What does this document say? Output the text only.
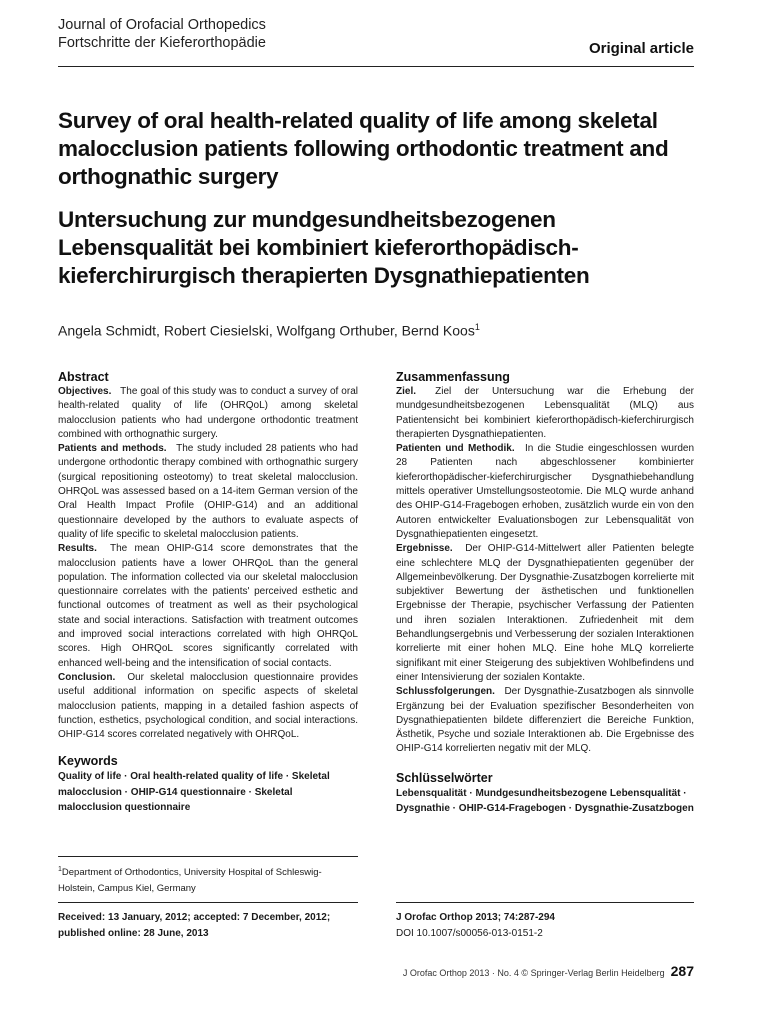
Journal of Orofacial Orthopedics
Fortschritte der Kieferorthopädie	Original article
Survey of oral health-related quality of life among skeletal malocclusion patients following orthodontic treatment and orthognathic surgery
Untersuchung zur mundgesundheitsbezogenen Lebensqualität bei kombiniert kieferorthopädisch-kieferchirurgisch therapierten Dysgnathiepatienten
Angela Schmidt, Robert Ciesielski, Wolfgang Orthuber, Bernd Koos$^1$
Abstract

Objectives. The goal of this study was to conduct a survey of oral health-related quality of life (OHRQoL) among skeletal malocclusion patients who had undergone orthodontic treatment combined with orthognathic surgery.

Patients and methods. The study included 28 patients who had undergone orthodontic therapy combined with orthognathic surgery (surgical repositioning osteotomy) to treat skeletal malocclusion. OHRQoL was assessed based on a 14-item German version of the Oral Health Impact Profile (OHIP-G14) and an additional questionnaire developed by the authors to evaluate aspects of quality of life specific to skeletal malocclusion patients.

Results. The mean OHIP-G14 score demonstrates that the malocclusion patients have a lower OHRQoL than the general population. The information collected via our skeletal malocclusion questionnaire correlates with the patients' perceived esthetic and functional outcomes of treatment as well as their psychological state and social interactions. Satisfaction with treatment outcomes and improved social interactions correlated with high OHRQoL scores. High OHRQoL scores significantly correlated with enhanced well-being and the intensification of social contacts.

Conclusion. Our skeletal malocclusion questionnaire provides useful additional information on specific aspects of skeletal malocclusion patients, mapping in a detailed fashion aspects of function, esthetics, psychological condition, and social interactions. OHIP-G14 scores correlated negatively with OHRQoL.

Keywords
Quality of life · Oral health-related quality of life · Skeletal malocclusion · OHIP-G14 questionnaire · Skeletal malocclusion questionnaire
Zusammenfassung

Ziel. Ziel der Untersuchung war die Erhebung der mundgesundheitsbezogenen Lebensqualität (MLQ) aus Patientensicht bei kombiniert kieferorthopädisch-kieferchirurgisch therapierten Dysgnathiepatienten.

Patienten und Methodik. In die Studie eingeschlossen wurden 28 Patienten nach abgeschlossener kombinierter kieferorthopädischer-kieferchirurgischer Dysgnathiebehandlung mittels operativer Umstellungsosteotomie. Die MLQ wurde anhand des OHIP-G14-Fragebogen erhoben, zusätzlich wurde ein von den Autoren entwickelter Evaluationsbogen zur Lebensqualität von Dysgnathiepatienten eingesetzt.

Ergebnisse. Der OHIP-G14-Mittelwert aller Patienten belegte eine schlechtere MLQ der Dysgnathiepatienten gegenüber der Allgemeinbevölkerung. Der Dysgnathie-Zusatzbogen korrelierte mit subjektiver Bewertung der ästhetischen und funktionellen Ergebnisse der Therapie, psychischer Verfassung der Patienten und ihren sozialen Interaktionen. Zufriedenheit mit dem Behandlungsergebnis und Verbesserung der sozialen Interaktionen korrelierte mit einer hohen MLQ. Eine hohe MLQ korrelierte signifikant mit einer Steigerung des subjektiven Wohlbefindens und einer Intensivierung der sozialen Kontakte.

Schlussfolgerungen. Der Dysgnathie-Zusatzbogen als sinnvolle Ergänzung bei der Evaluation spezifischer Besonderheiten von Dysgnathiepatienten bildete differenziert die Bereiche Funktion, Ästhetik, Psyche und soziale Interaktionen ab. Die Ergebnisse des OHIP-G14 korrelierten negativ mit der MLQ.

Schlüsselwörter
Lebensqualität · Mundgesundheitsbezogene Lebensqualität · Dysgnathie · OHIP-G14-Fragebogen · Dysgnathie-Zusatzbogen
$^1$Department of Orthodontics, University Hospital of Schleswig-Holstein, Campus Kiel, Germany
Received: 13 January, 2012; accepted: 7 December, 2012; published online: 28 June, 2013
J Orofac Orthop 2013; 74:287-294
DOI 10.1007/s00056-013-0151-2
J Orofac Orthop 2013 · No. 4 © Springer-Verlag Berlin Heidelberg 287
